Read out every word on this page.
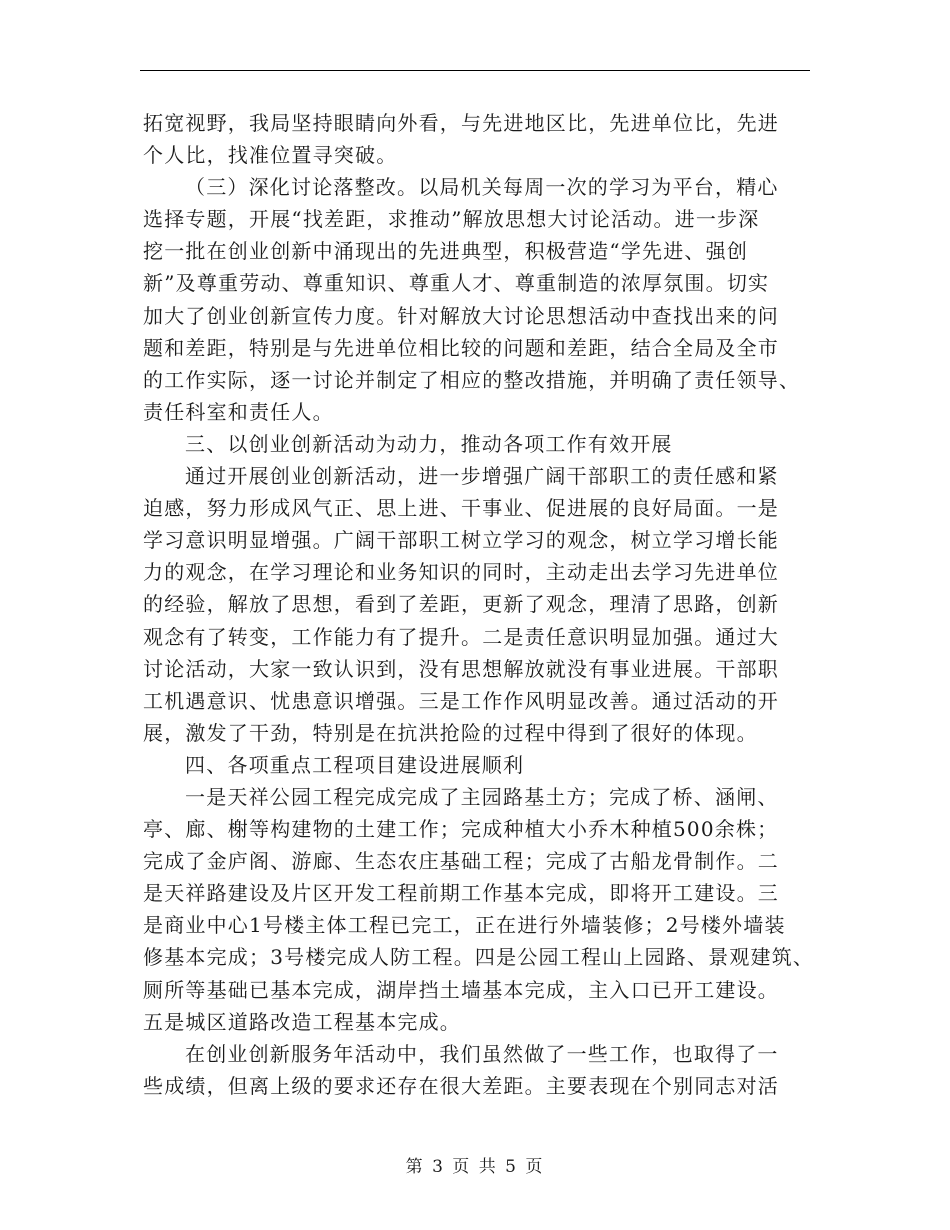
拓宽视野，我局坚持眼睛向外看，与先进地区比，先进单位比，先进
个人比，找准位置寻突破。
（三）深化讨论落整改。以局机关每周一次的学习为平台，精心
选择专题，开展“找差距，求推动”解放思想大讨论活动。进一步深
挖一批在创业创新中涌现出的先进典型，积极营造“学先进、强创
新”及尊重劳动、尊重知识、尊重人才、尊重制造的浓厚氛围。切实
加大了创业创新宣传力度。针对解放大讨论思想活动中查找出来的问
题和差距，特别是与先进单位相比较的问题和差距，结合全局及全市
的工作实际，逐一讨论并制定了相应的整改措施，并明确了责任领导、
责任科室和责任人。
三、以创业创新活动为动力，推动各项工作有效开展
通过开展创业创新活动，进一步增强广阔干部职工的责任感和紧
迫感，努力形成风气正、思上进、干事业、促进展的良好局面。一是
学习意识明显增强。广阔干部职工树立学习的观念，树立学习增长能
力的观念，在学习理论和业务知识的同时，主动走出去学习先进单位
的经验，解放了思想，看到了差距，更新了观念，理清了思路，创新
观念有了转变，工作能力有了提升。二是责任意识明显加强。通过大
讨论活动，大家一致认识到，没有思想解放就没有事业进展。干部职
工机遇意识、忧患意识增强。三是工作作风明显改善。通过活动的开
展，激发了干劲，特别是在抗洪抢险的过程中得到了很好的体现。
四、各项重点工程项目建设进展顺利
一是天祥公园工程完成完成了主园路基土方；完成了桥、涵闸、
亭、廊、榭等构建物的土建工作；完成种植大小乔木种植500余株；
完成了金庐阁、游廊、生态农庄基础工程；完成了古船龙骨制作。二
是天祥路建设及片区开发工程前期工作基本完成，即将开工建设。三
是商业中心1号楼主体工程已完工，正在进行外墙装修；2号楼外墙装
修基本完成；3号楼完成人防工程。四是公园工程山上园路、景观建筑、
厕所等基础已基本完成，湖岸挡土墙基本完成，主入口已开工建设。
五是城区道路改造工程基本完成。
在创业创新服务年活动中，我们虽然做了一些工作，也取得了一
些成绩，但离上级的要求还存在很大差距。主要表现在个别同志对活
第 3 页 共 5 页
